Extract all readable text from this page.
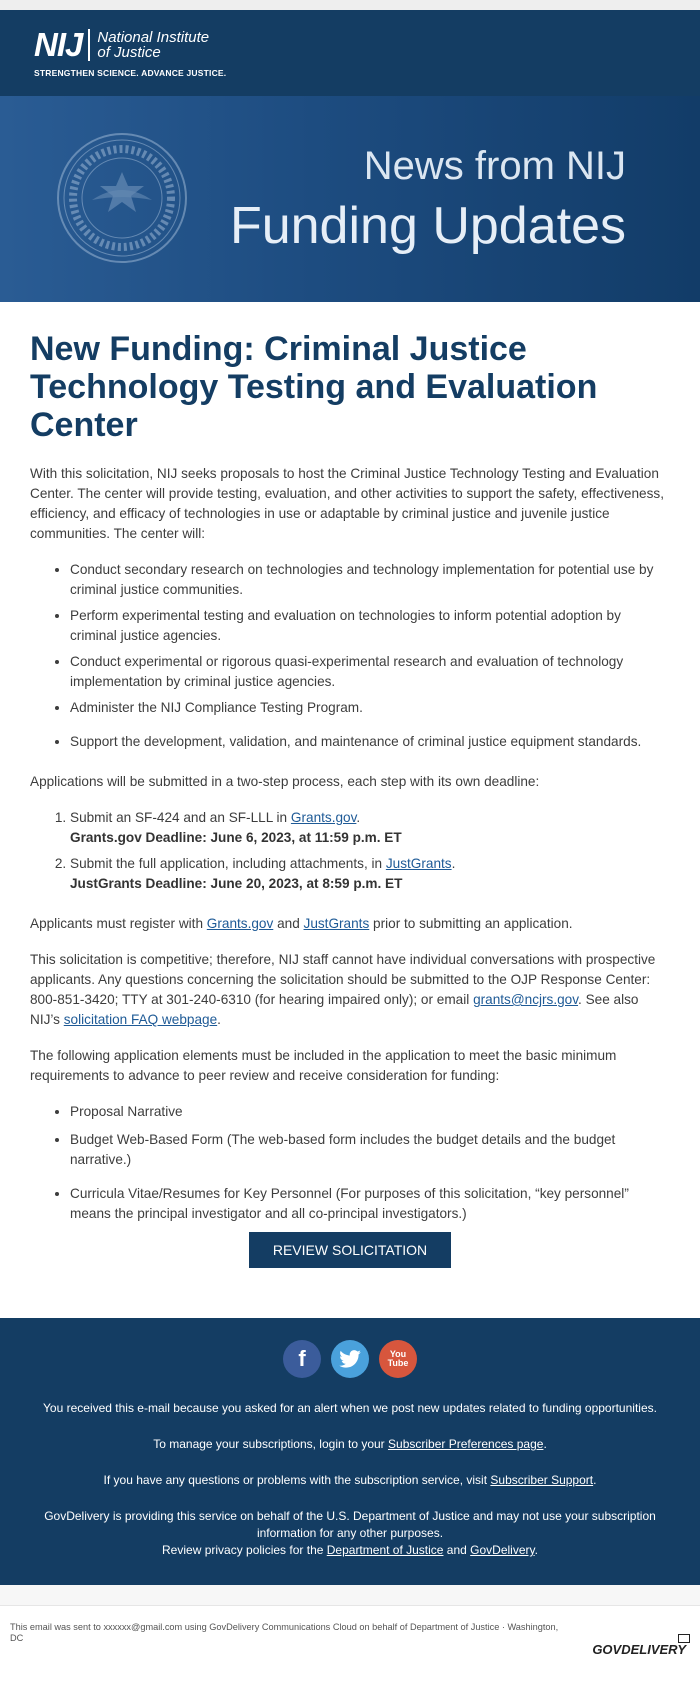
NIJ National Institute
of Justice
STRENGTHEN SCIENCE. ADVANCE JUSTICE.
News from NIJ
Funding Updates
New Funding: Criminal Justice Technology Testing and Evaluation Center

With this solicitation, NIJ seeks proposals to host the Criminal Justice Technology Testing and Evaluation Center. The center will provide testing, evaluation, and other activities to support the safety, effectiveness, efficiency, and efficacy of technologies in use or adaptable by criminal justice and juvenile justice communities. The center will:

• Conduct secondary research on technologies and technology implementation for potential use by criminal justice communities.
• Perform experimental testing and evaluation on technologies to inform potential adoption by criminal justice agencies.
• Conduct experimental or rigorous quasi-experimental research and evaluation of technology implementation by criminal justice agencies.
• Administer the NIJ Compliance Testing Program.
• Support the development, validation, and maintenance of criminal justice equipment standards.

Applications will be submitted in a two-step process, each step with its own deadline:

1. Submit an SF-424 and an SF-LLL in Grants.gov.
Grants.gov Deadline: June 6, 2023, at 11:59 p.m. ET
2. Submit the full application, including attachments, in JustGrants.
JustGrants Deadline: June 20, 2023, at 8:59 p.m. ET

Applicants must register with Grants.gov and JustGrants prior to submitting an application.

This solicitation is competitive; therefore, NIJ staff cannot have individual conversations with prospective applicants. Any questions concerning the solicitation should be submitted to the OJP Response Center: 800-851-3420; TTY at 301-240-6310 (for hearing impaired only); or email grants@ncjrs.gov. See also NIJ’s solicitation FAQ webpage.

The following application elements must be included in the application to meet the basic minimum requirements to advance to peer review and receive consideration for funding:

• Proposal Narrative
• Budget Web-Based Form (The web-based form includes the budget details and the budget narrative.)
• Curricula Vitae/Resumes for Key Personnel (For purposes of this solicitation, “key personnel” means the principal investigator and all co-principal investigators.)
REVIEW SOLICITATION
f	You
Tube

You received this e-mail because you asked for an alert when we post new updates related to funding opportunities.

To manage your subscriptions, login to your Subscriber Preferences page.

If you have any questions or problems with the subscription service, visit Subscriber Support.

GovDelivery is providing this service on behalf of the U.S. Department of Justice and may not use your subscription information for any other purposes.
Review privacy policies for the Department of Justice and GovDelivery.

This email was sent to xxxxxx@gmail.com using GovDelivery Communications Cloud on behalf of Department of Justice · Washington, DC
GOVDELIVERY
